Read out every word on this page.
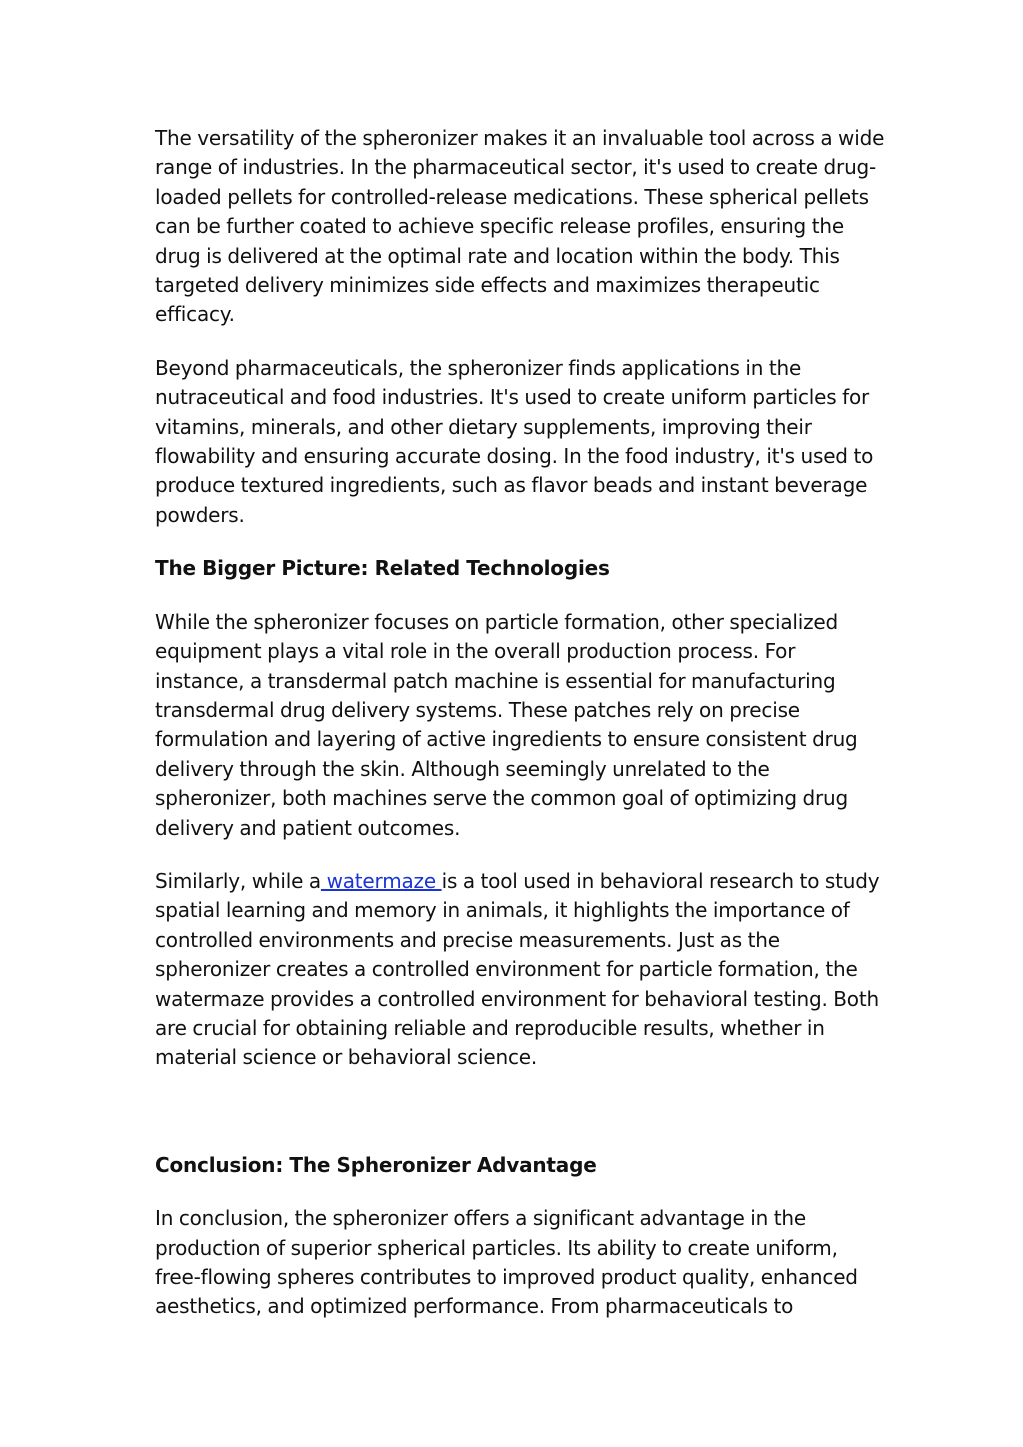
The versatility of the spheronizer makes it an invaluable tool across a wide range of industries. In the pharmaceutical sector, it's used to create drug-loaded pellets for controlled-release medications. These spherical pellets can be further coated to achieve specific release profiles, ensuring the drug is delivered at the optimal rate and location within the body. This targeted delivery minimizes side effects and maximizes therapeutic efficacy.

Beyond pharmaceuticals, the spheronizer finds applications in the nutraceutical and food industries. It's used to create uniform particles for vitamins, minerals, and other dietary supplements, improving their flowability and ensuring accurate dosing. In the food industry, it's used to produce textured ingredients, such as flavor beads and instant beverage powders.

The Bigger Picture: Related Technologies

While the spheronizer focuses on particle formation, other specialized equipment plays a vital role in the overall production process. For instance, a transdermal patch machine is essential for manufacturing transdermal drug delivery systems. These patches rely on precise formulation and layering of active ingredients to ensure consistent drug delivery through the skin. Although seemingly unrelated to the spheronizer, both machines serve the common goal of optimizing drug delivery and patient outcomes.

Similarly, while a watermaze is a tool used in behavioral research to study spatial learning and memory in animals, it highlights the importance of controlled environments and precise measurements. Just as the spheronizer creates a controlled environment for particle formation, the watermaze provides a controlled environment for behavioral testing. Both are crucial for obtaining reliable and reproducible results, whether in material science or behavioral science.

Conclusion: The Spheronizer Advantage

In conclusion, the spheronizer offers a significant advantage in the production of superior spherical particles. Its ability to create uniform, free-flowing spheres contributes to improved product quality, enhanced aesthetics, and optimized performance. From pharmaceuticals to
